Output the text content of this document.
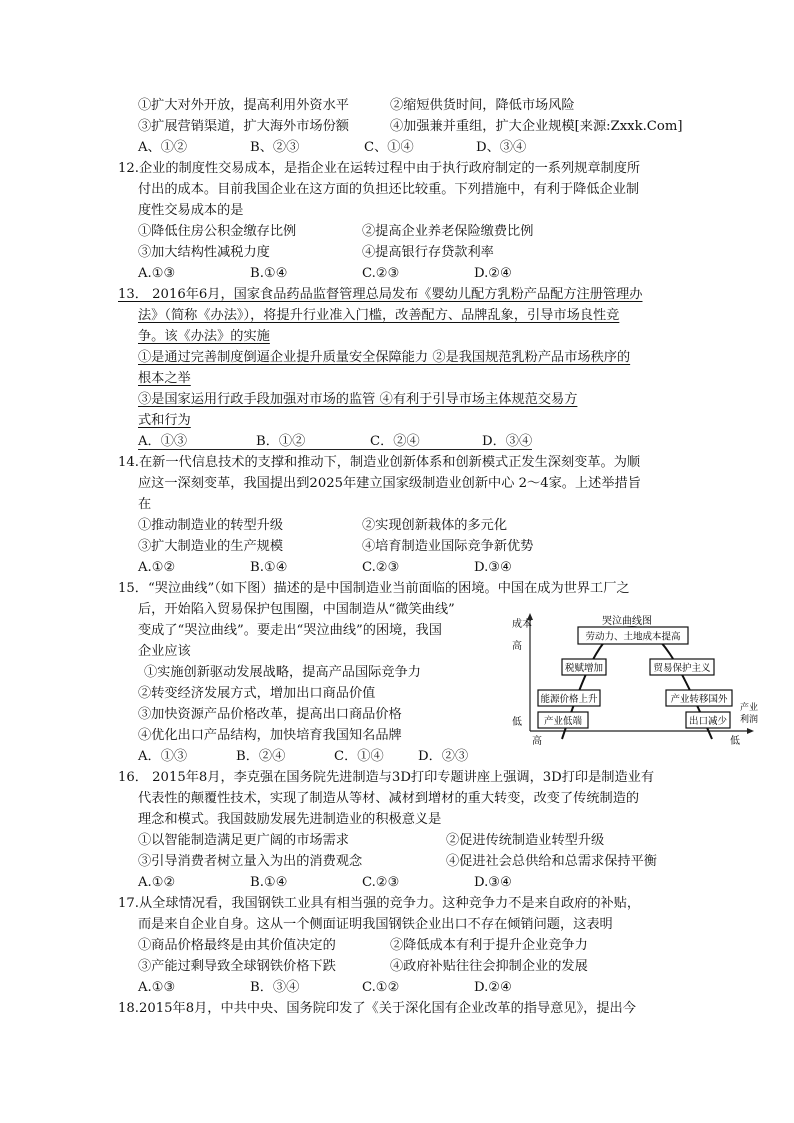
①扩大对外开放，提高利用外资水平	②缩短供货时间，降低市场风险
③扩展营销渠道，扩大海外市场份额	④加强兼并重组，扩大企业规模[来源:Zxxk.Com]
A、①②	B、②③	C、①④	D、③④
12.企业的制度性交易成本，是指企业在运转过程中由于执行政府制定的一系列规章制度所
付出的成本。目前我国企业在这方面的负担还比较重。下列措施中，有利于降低企业制
度性交易成本的是
①降低住房公积金缴存比例	②提高企业养老保险缴费比例
③加大结构性减税力度	④提高银行存贷款利率
A.①③	B.①④	C.②③	D.②④
13． 2016年6月，国家食品药品监督管理总局发布《婴幼儿配方乳粉产品配方注册管理办
法》（简称《办法》），将提升行业准入门槛，改善配方、品牌乱象，引导市场良性竞
争。该《办法》的实施
①是通过完善制度倒逼企业提升质量安全保障能力 ②是我国规范乳粉产品市场秩序的
根本之举
③是国家运用行政手段加强对市场的监管 ④有利于引导市场主体规范交易方
式和行为
A．①③	B．①②	C．②④	D．③④
14.在新一代信息技术的支撑和推动下，制造业创新体系和创新模式正发生深刻变革。为顺
应这一深刻变革，我国提出到2025年建立国家级制造业创新中心 2～4家。上述举措旨
在
①推动制造业的转型升级	②实现创新栽体的多元化
③扩大制造业的生产规模	④培育制造业国际竞争新优势
A.①②	B.①④	C.②③	D.③④
15．“哭泣曲线”（如下图）描述的是中国制造业当前面临的困境。中国在成为世界工厂之
后，开始陷入贸易保护包围圈，中国制造从“微笑曲线”
变成了“哭泣曲线”。要走出“哭泣曲线”的困境，我国
企业应该
①实施创新驱动发展战略，提高产品国际竞争力
②转变经济发展方式，增加出口商品价值
③加快资源产品价格改革，提高出口商品价格
④优化出口产品结构，加快培育我国知名品牌
A．①③	B．②④	C．①④	D．②③
成本
高
低
高	低
产业
利润
哭泣曲线图
劳动力、土地成本提高
税赋增加	贸易保护主义
能源价格上升	产业转移国外
产业低端	出口减少
16． 2015年8月，李克强在国务院先进制造与3D打印专题讲座上强调，3D打印是制造业有
代表性的颠覆性技术，实现了制造从等材、减材到增材的重大转变，改变了传统制造的
理念和模式。我国鼓励发展先进制造业的积极意义是
①以智能制造满足更广阔的市场需求	②促进传统制造业转型升级
③引导消费者树立量入为出的消费观念	④促进社会总供给和总需求保持平衡
A.①②	B.①④	C.②③	D.③④
17.从全球情况看，我国钢铁工业具有相当强的竞争力。这种竞争力不是来自政府的补贴，
而是来自企业自身。这从一个侧面证明我国钢铁企业出口不存在倾销问题，这表明
①商品价格最终是由其价值决定的	②降低成本有利于提升企业竞争力
③产能过剩导致全球钢铁价格下跌	④政府补贴往往会抑制企业的发展
A.①③	B．③④	C.①②	D.②④
18.2015年8月，中共中央、国务院印发了《关于深化国有企业改革的指导意见》，提出今
